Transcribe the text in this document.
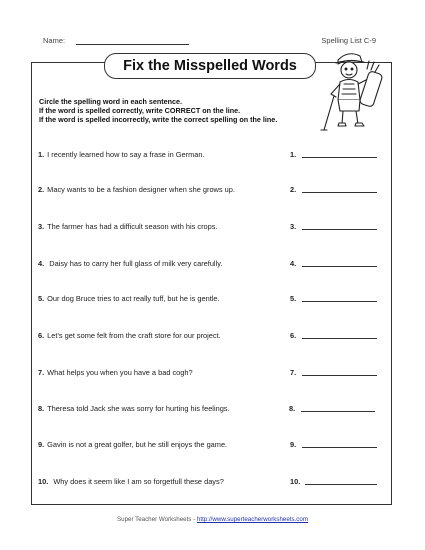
Name:	Spelling List C-9
Fix the Misspelled Words
Circle the spelling word in each sentence.
If the word is spelled correctly, write CORRECT on the line.
If the word is spelled incorrectly, write the correct spelling on the line.
1. I recently learned how to say a frase in German.	1.
2. Macy wants to be a fashion designer when she grows up.	2.
3. The farmer has had a difficult season with his crops.	3.
4. Daisy has to carry her full glass of milk very carefully.	4.
5. Our dog Bruce tries to act really tuff, but he is gentle.	5.
6. Let's get some felt from the craft store for our project.	6.
7. What helps you when you have a bad cogh?	7.
8. Theresa told Jack she was sorry for hurting his feelings.	8.
9. Gavin is not a great golfer, but he still enjoys the game.	9.
10. Why does it seem like I am so forgetfull these days?	10.
Super Teacher Worksheets - http://www.superteacherworksheets.com
